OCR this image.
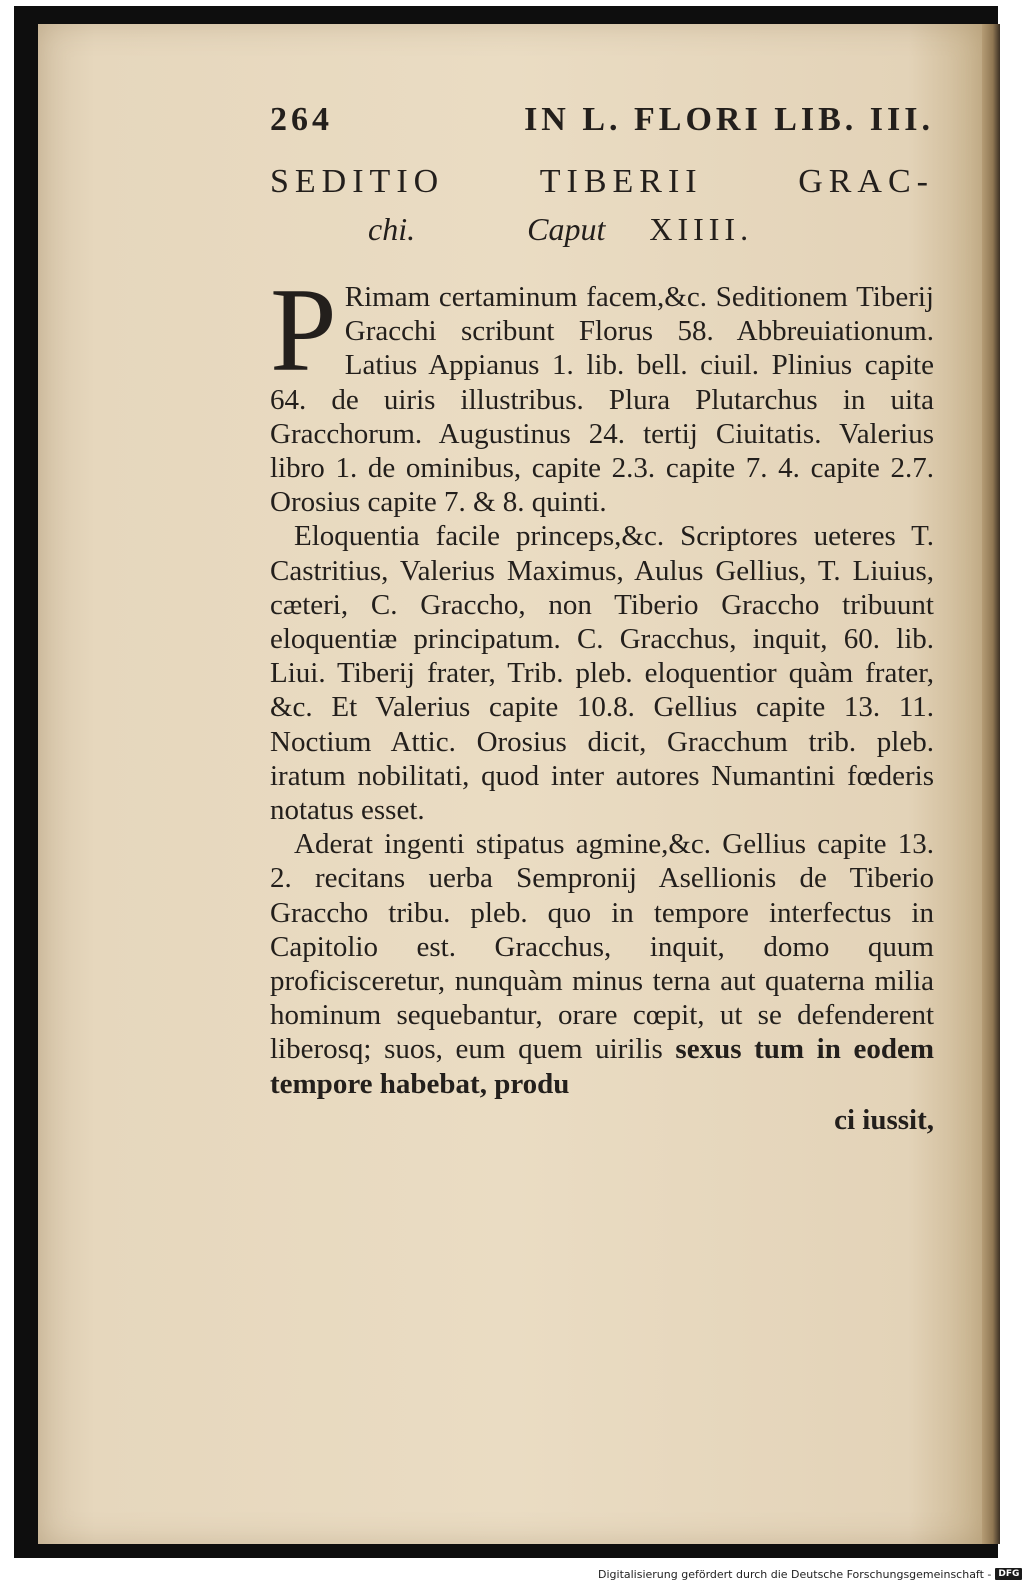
264	IN L. FLORI LIB. III.
SEDITIO	TIBERII	GRAC-
chi.	Caput XIIII.

P Rimam certaminum facem,&c. Seditionem Tiberij Gracchi scribunt Florus 58. Abbreuiationum. Latius Appianus 1. lib. bell. ciuil. Plinius capite 64. de uiris illustribus. Plura Plutarchus in uita Gracchorum. Augustinus 24. tertij Ciuitatis. Valerius libro 1. de ominibus, capite 2.3. capite 7. 4. capite 2.7. Orosius capite 7. & 8. quinti.

Eloquentia facile princeps,&c. Scriptores ueteres T. Castritius, Valerius Maximus, Aulus Gellius, T. Liuius, cæteri, C. Graccho, non Tiberio Graccho tribuunt eloquentiæ principatum. C. Gracchus, inquit, 60. lib. Liui. Tiberij frater, Trib. pleb. eloquentior quàm frater, &c. Et Valerius capite 10.8. Gellius capite 13. 11. Noctium Attic. Orosius dicit, Gracchum trib. pleb. iratum nobilitati, quod inter autores Numantini fœderis notatus esset.

Aderat ingenti stipatus agmine,&c. Gellius capite 13. 2. recitans uerba Sempronij Asellionis de Tiberio Graccho tribu. pleb. quo in tempore interfectus in Capitolio est. Gracchus, inquit, domo quum proficisceretur, nunquàm minus terna aut quaterna milia hominum sequebantur, orare cœpit, ut se defenderent liberosq; suos, eum quem uirilis sexus tum in eodem tempore habebat, produ

ci iussit,
Digitalisierung gefördert durch die Deutsche Forschungsgemeinschaft - DFG
